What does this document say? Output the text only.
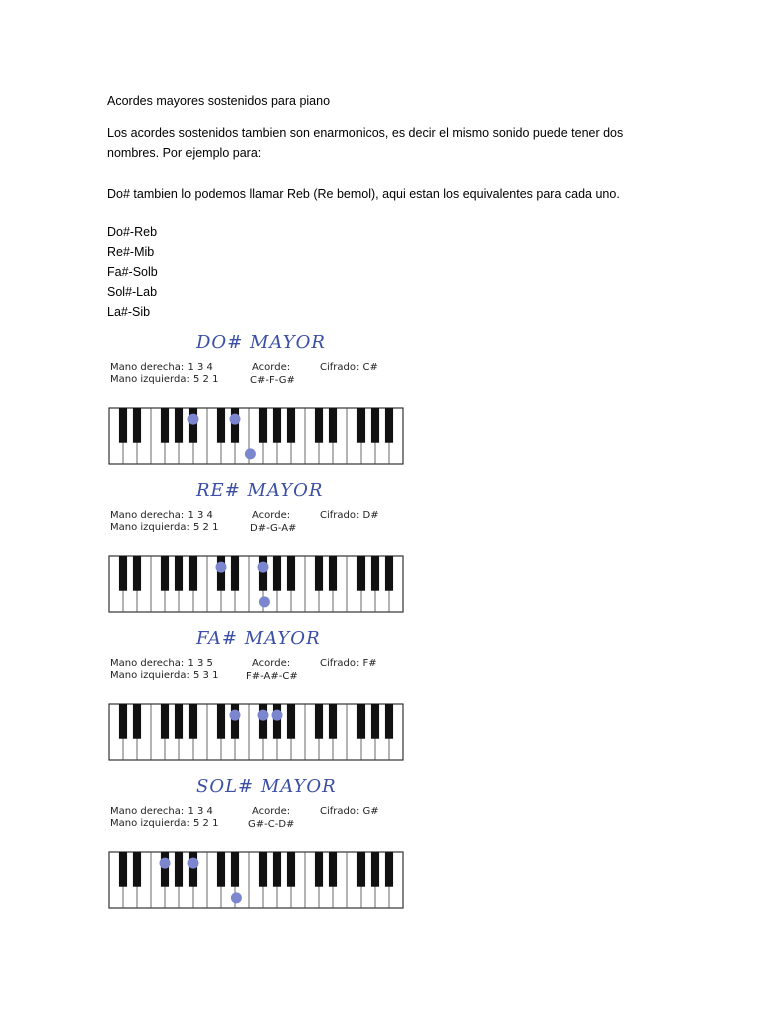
Acordes mayores sostenidos para piano
Los acordes sostenidos tambien son enarmonicos, es decir el mismo sonido puede tener dos
nombres. Por ejemplo para:
Do# tambien lo podemos llamar Reb (Re bemol), aqui estan los equivalentes para cada uno.
Do#-Reb
Re#-Mib
Fa#-Solb
Sol#-Lab
La#-Sib
DO# MAYOR
Mano derecha: 1 3 4
Mano izquierda: 5 2 1
Acorde:
C#-F-G#
Cifrado: C#
RE# MAYOR
Mano derecha: 1 3 4
Mano izquierda: 5 2 1
Acorde:
D#-G-A#
Cifrado: D#
FA# MAYOR
Mano derecha: 1 3 5
Mano izquierda: 5 3 1
Acorde:
F#-A#-C#
Cifrado: F#
SOL# MAYOR
Mano derecha: 1 3 4
Mano izquierda: 5 2 1
Acorde:
G#-C-D#
Cifrado: G#
